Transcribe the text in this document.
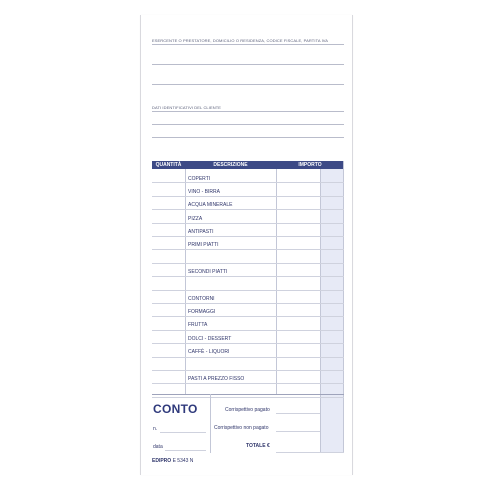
ESERCENTE O PRESTATORE, DOMICILIO O RESIDENZA, CODICE FISCALE, PARTITA IVA
DATI IDENTIFICATIVI DEL CLIENTE
QUANTITÀ	DESCRIZIONE	IMPORTO
COPERTI
VINO - BIRRA
ACQUA MINERALE
PIZZA
ANTIPASTI
PRIMI PIATTI
SECONDI PIATTI
CONTORNI
FORMAGGI
FRUTTA
DOLCI - DESSERT
CAFFÈ - LIQUORI
PASTI A PREZZO FISSO
CONTO
n.
data
Corrispettivo pagato
Corrispettivo non pagato
TOTALE €
EDIPRO E 5343 N
